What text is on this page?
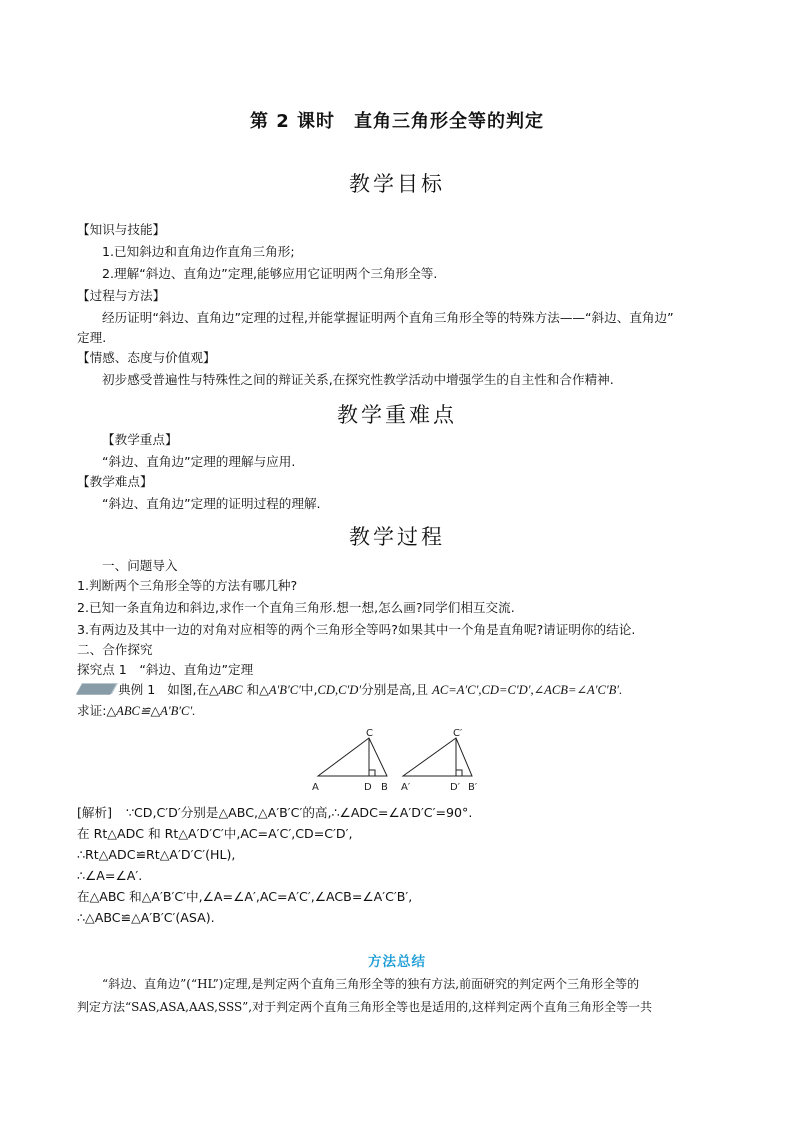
第 2 课时　直角三角形全等的判定
教学目标
【知识与技能】
1.已知斜边和直角边作直角三角形;
2.理解“斜边、直角边”定理,能够应用它证明两个三角形全等.
【过程与方法】
经历证明“斜边、直角边”定理的过程,并能掌握证明两个直角三角形全等的特殊方法——“斜边、直角边”
定理.
【情感、态度与价值观】
初步感受普遍性与特殊性之间的辩证关系,在探究性教学活动中增强学生的自主性和合作精神.
教学重难点
【教学重点】
“斜边、直角边”定理的理解与应用.
【教学难点】
“斜边、直角边”定理的证明过程的理解.
教学过程
一、问题导入
1.判断两个三角形全等的方法有哪几种?
2.已知一条直角边和斜边,求作一个直角三角形.想一想,怎么画?同学们相互交流.
3.有两边及其中一边的对角对应相等的两个三角形全等吗?如果其中一个角是直角呢?请证明你的结论.
二、合作探究
探究点 1　“斜边、直角边”定理
典例 1 如图,在△ABC 和△A′B′C′中,CD,C′D′分别是高,且 AC=A′C′,CD=C′D′,∠ACB=∠A′C′B′.
求证:△ABC≌△A′B′C′.
C
A	D B
C′
A′	D′ B′
[解析] ∵CD,C′D′分别是△ABC,△A′B′C′的高,∴∠ADC=∠A′D′C′=90°.
在 Rt△ADC 和 Rt△A′D′C′中,AC=A′C′,CD=C′D′,
∴Rt△ADC≌Rt△A′D′C′(HL),
∴∠A=∠A′.
在△ABC 和△A′B′C′中,∠A=∠A′,AC=A′C′,∠ACB=∠A′C′B′,
∴△ABC≌△A′B′C′(ASA).
方法总结
“斜边、直角边”(“HL”)定理,是判定两个直角三角形全等的独有方法,前面研究的判定两个三角形全等的
判定方法“SAS,ASA,AAS,SSS”,对于判定两个直角三角形全等也是适用的,这样判定两个直角三角形全等一共
